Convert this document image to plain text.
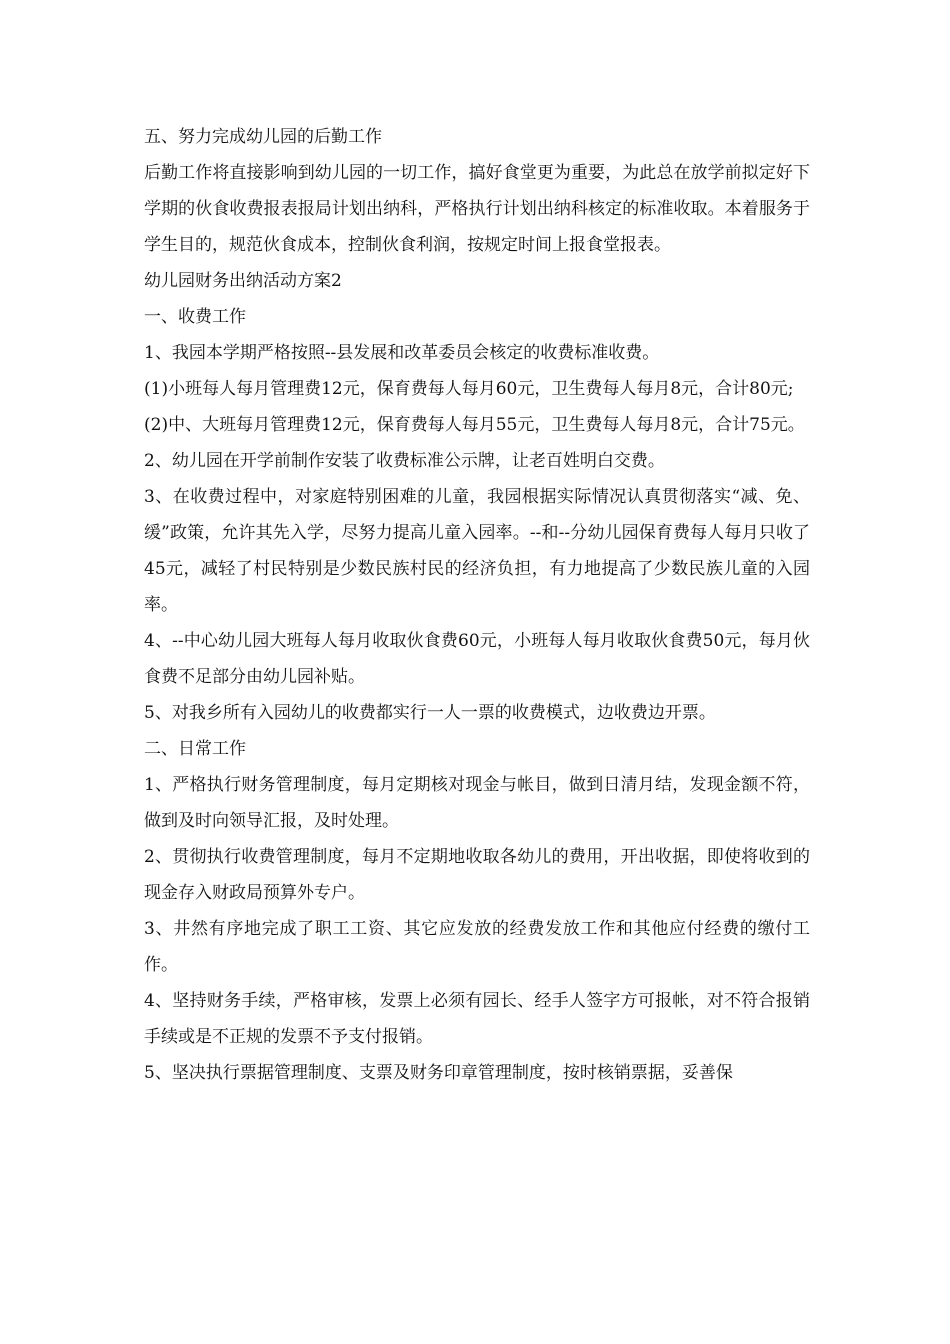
五、努力完成幼儿园的后勤工作

后勤工作将直接影响到幼儿园的一切工作，搞好食堂更为重要，为此总在放学前拟定好下学期的伙食收费报表报局计划出纳科，严格执行计划出纳科核定的标准收取。本着服务于学生目的，规范伙食成本，控制伙食利润，按规定时间上报食堂报表。

幼儿园财务出纳活动方案2

一、收费工作

1、我园本学期严格按照--县发展和改革委员会核定的收费标准收费。

(1)小班每人每月管理费12元，保育费每人每月60元，卫生费每人每月8元，合计80元;

(2)中、大班每月管理费12元，保育费每人每月55元，卫生费每人每月8元，合计75元。

2、幼儿园在开学前制作安装了收费标准公示牌，让老百姓明白交费。

3、在收费过程中，对家庭特别困难的儿童，我园根据实际情况认真贯彻落实“减、免、缓”政策，允许其先入学，尽努力提高儿童入园率。--和--分幼儿园保育费每人每月只收了45元，减轻了村民特别是少数民族村民的经济负担，有力地提高了少数民族儿童的入园率。

4、--中心幼儿园大班每人每月收取伙食费60元，小班每人每月收取伙食费50元，每月伙食费不足部分由幼儿园补贴。

5、对我乡所有入园幼儿的收费都实行一人一票的收费模式，边收费边开票。

二、日常工作

1、严格执行财务管理制度，每月定期核对现金与帐目，做到日清月结，发现金额不符，做到及时向领导汇报，及时处理。

2、贯彻执行收费管理制度，每月不定期地收取各幼儿的费用，开出收据，即使将收到的现金存入财政局预算外专户。

3、井然有序地完成了职工工资、其它应发放的经费发放工作和其他应付经费的缴付工作。

4、坚持财务手续，严格审核，发票上必须有园长、经手人签字方可报帐，对不符合报销手续或是不正规的发票不予支付报销。

5、坚决执行票据管理制度、支票及财务印章管理制度，按时核销票据，妥善保
